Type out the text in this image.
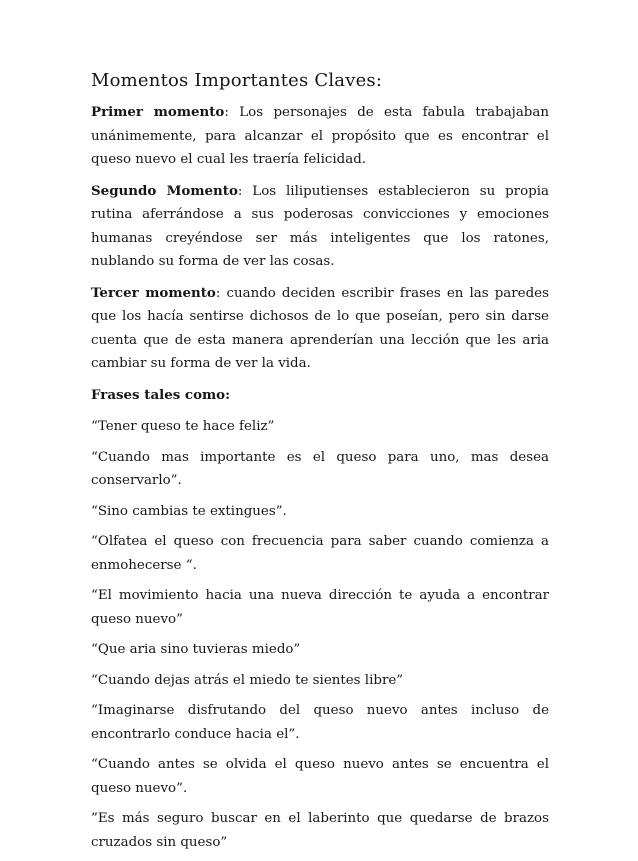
Momentos Importantes Claves:

Primer momento: Los personajes de esta fabula trabajaban unánimemente, para alcanzar el propósito que es encontrar el queso nuevo el cual les traería felicidad.

Segundo Momento: Los liliputienses establecieron su propia rutina aferrándose a sus poderosas convicciones y emociones humanas creyéndose ser más inteligentes que los ratones, nublando su forma de ver las cosas.

Tercer momento: cuando deciden escribir frases en las paredes que los hacía sentirse dichosos de lo que poseían, pero sin darse cuenta que de esta manera aprenderían una lección que les aria cambiar su forma de ver la vida.

Frases tales como:

“Tener queso te hace feliz”

“Cuando mas importante es el queso para uno, mas desea conservarlo”.

“Sino cambias te extingues”.

“Olfatea el queso con frecuencia para saber cuando comienza a enmohecerse “.

“El movimiento hacia una nueva dirección te ayuda a encontrar queso nuevo”

“Que aria sino tuvieras miedo”

“Cuando dejas atrás el miedo te sientes libre”

“Imaginarse disfrutando del queso nuevo antes incluso de encontrarlo conduce hacia el”.

“Cuando antes se olvida el queso nuevo antes se encuentra el queso nuevo”.

”Es más seguro buscar en el laberinto que quedarse de brazos cruzados sin queso”
